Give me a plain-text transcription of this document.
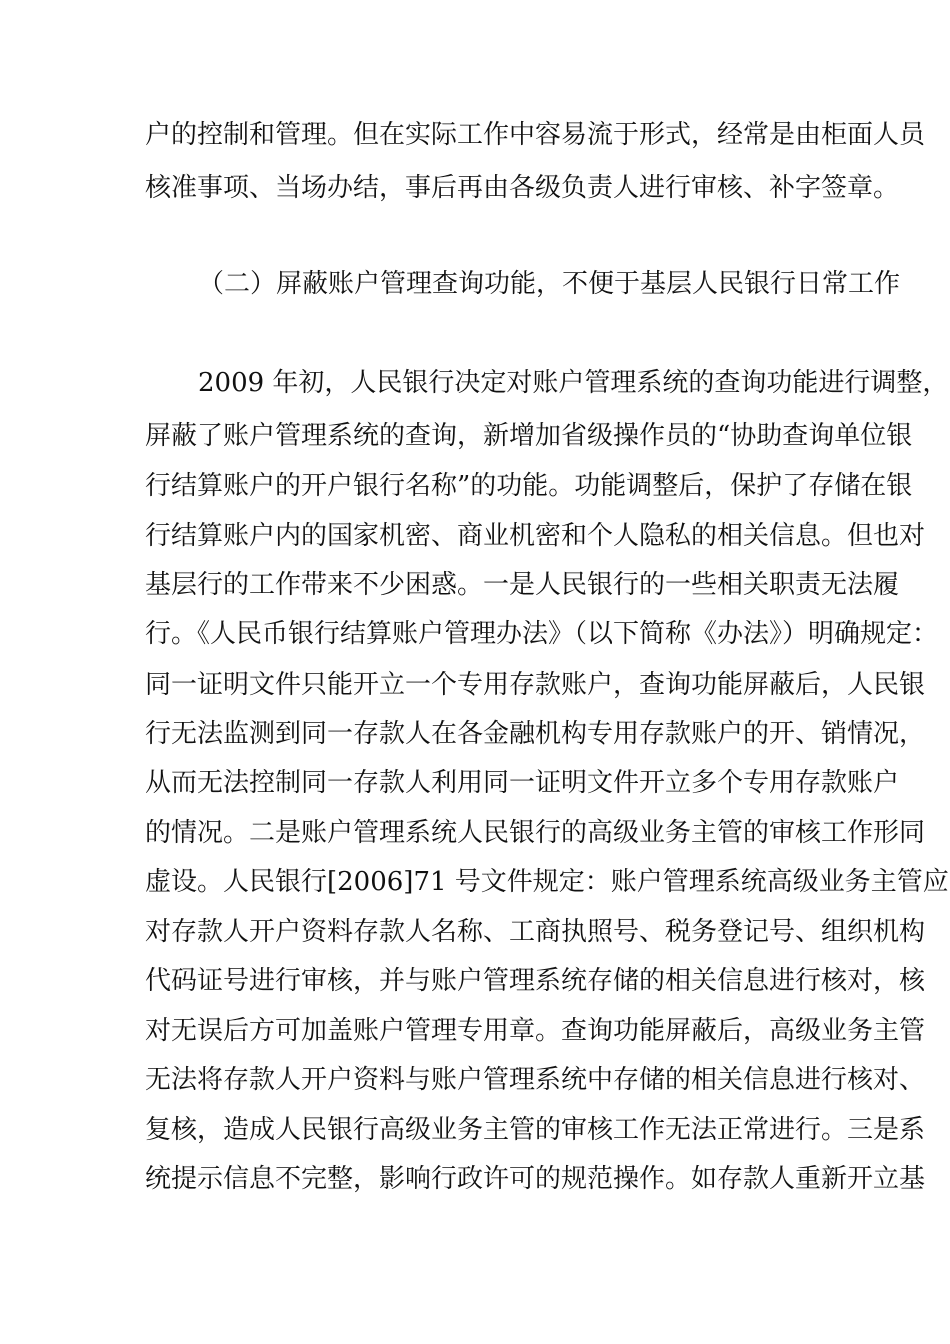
户的控制和管理。但在实际工作中容易流于形式，经常是由柜面人员
核准事项、当场办结，事后再由各级负责人进行审核、补字签章。
（二）屏蔽账户管理查询功能，不便于基层人民银行日常工作
2009 年初，人民银行决定对账户管理系统的查询功能进行调整，
屏蔽了账户管理系统的查询，新增加省级操作员的“协助查询单位银
行结算账户的开户银行名称”的功能。功能调整后，保护了存储在银
行结算账户内的国家机密、商业机密和个人隐私的相关信息。但也对
基层行的工作带来不少困惑。一是人民银行的一些相关职责无法履
行。《人民币银行结算账户管理办法》（以下简称《办法》）明确规定：
同一证明文件只能开立一个专用存款账户，查询功能屏蔽后，人民银
行无法监测到同一存款人在各金融机构专用存款账户的开、销情况，
从而无法控制同一存款人利用同一证明文件开立多个专用存款账户
的情况。二是账户管理系统人民银行的高级业务主管的审核工作形同
虚设。人民银行[2006]71 号文件规定：账户管理系统高级业务主管应
对存款人开户资料存款人名称、工商执照号、税务登记号、组织机构
代码证号进行审核，并与账户管理系统存储的相关信息进行核对，核
对无误后方可加盖账户管理专用章。查询功能屏蔽后，高级业务主管
无法将存款人开户资料与账户管理系统中存储的相关信息进行核对、
复核，造成人民银行高级业务主管的审核工作无法正常进行。三是系
统提示信息不完整，影响行政许可的规范操作。如存款人重新开立基
